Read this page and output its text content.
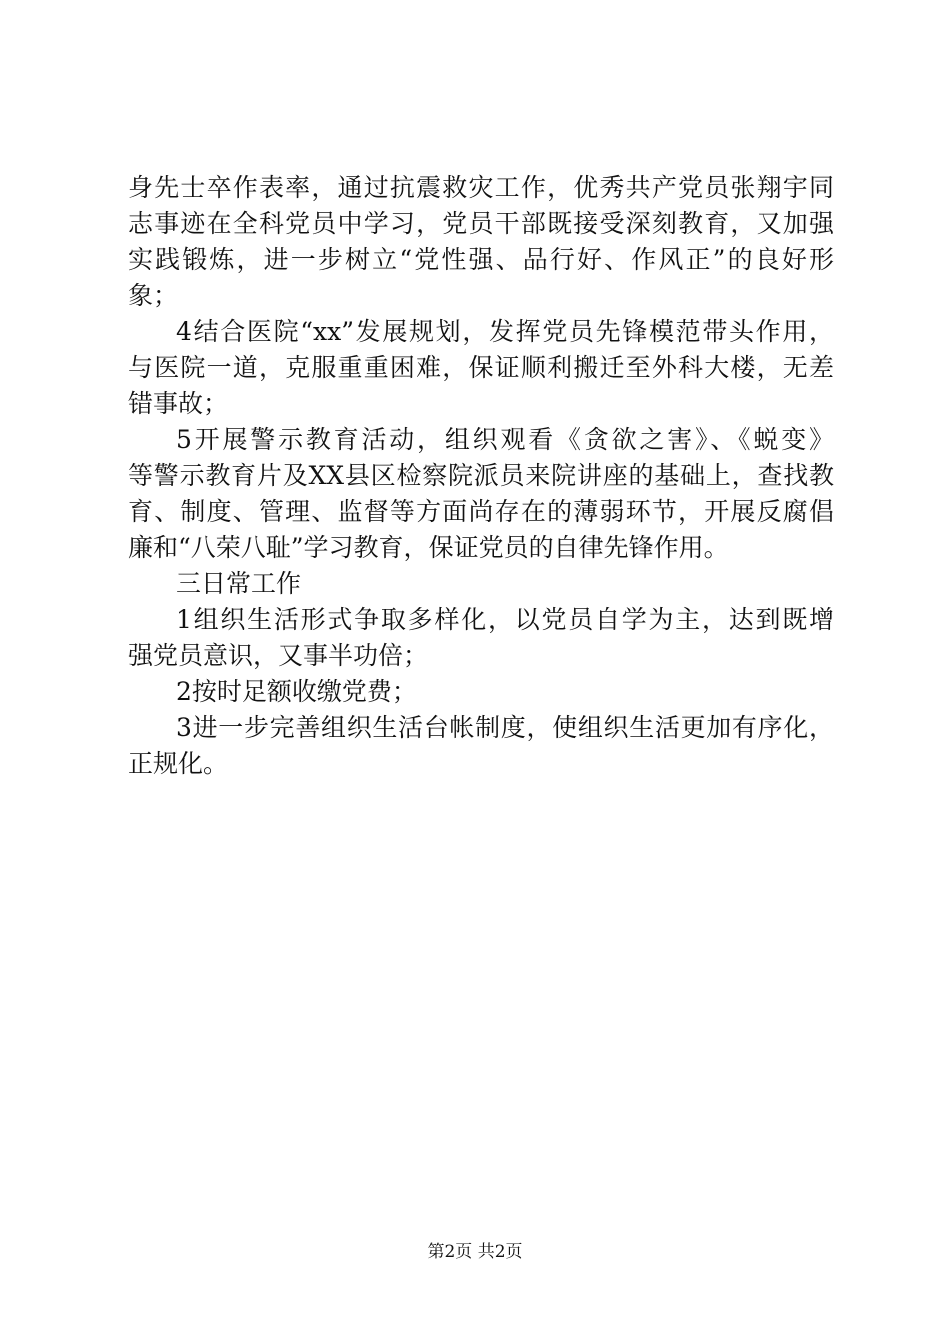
身先士卒作表率，通过抗震救灾工作，优秀共产党员张翔宇同
志事迹在全科党员中学习，党员干部既接受深刻教育，又加强
实践锻炼，进一步树立“党性强、品行好、作风正”的良好形
象；
4结合医院“xx”发展规划，发挥党员先锋模范带头作用，
与医院一道，克服重重困难，保证顺利搬迁至外科大楼，无差
错事故；
5开展警示教育活动，组织观看《贪欲之害》、《蜕变》
等警示教育片及XX县区检察院派员来院讲座的基础上，查找教
育、制度、管理、监督等方面尚存在的薄弱环节，开展反腐倡
廉和“八荣八耻”学习教育，保证党员的自律先锋作用。
三日常工作
1组织生活形式争取多样化，以党员自学为主，达到既增
强党员意识，又事半功倍；
2按时足额收缴党费；
3进一步完善组织生活台帐制度，使组织生活更加有序化，
正规化。
第2页 共2页
